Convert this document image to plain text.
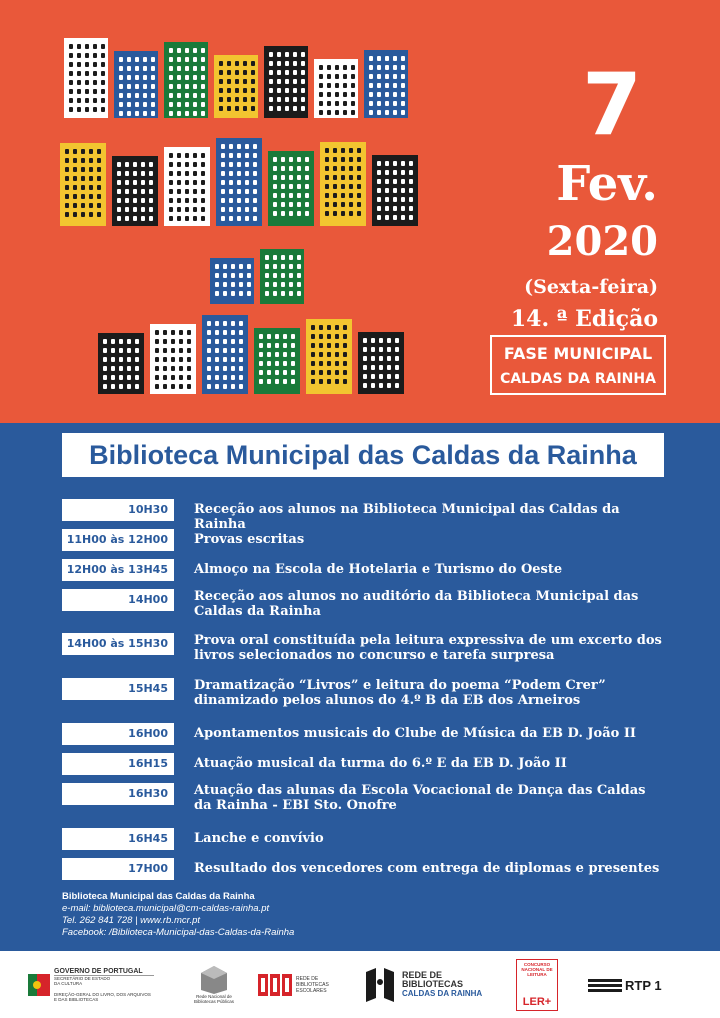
7
Fev.
2020
(Sexta-feira)
14. ª Edição
FASE MUNICIPAL
CALDAS DA RAINHA
Biblioteca Municipal das Caldas da Rainha
10H30	Receção aos alunos na Biblioteca Municipal das Caldas da Rainha
11H00 às 12H00	Provas escritas
12H00 às 13H45	Almoço na Escola de Hotelaria e Turismo do Oeste
14H00	Receção aos alunos no auditório da Biblioteca Municipal das Caldas da Rainha
14H00 às 15H30	Prova oral constituída pela leitura expressiva de um excerto dos livros selecionados no concurso e tarefa surpresa
15H45	Dramatização “Livros” e leitura do poema “Podem Crer” dinamizado pelos alunos do 4.º B da EB dos Arneiros
16H00	Apontamentos musicais do Clube de Música da EB D. João II
16H15	Atuação musical da turma do 6.º E da EB D. João II
16H30	Atuação das alunas da Escola Vocacional de Dança das Caldas da Rainha - EBI Sto. Onofre
16H45	Lanche e convívio
17H00	Resultado dos vencedores com entrega de diplomas e presentes
Biblioteca Municipal das Caldas da Rainha
e-mail: biblioteca.municipal@cm-caldas-rainha.pt
Tel. 262 841 728 | www.rb.mcr.pt
Facebook: /Biblioteca-Municipal-das-Caldas-da-Rainha
GOVERNO DE PORTUGAL
SECRETÁRIO DE ESTADO DA CULTURA
DIREÇÃO-GERAL DO LIVRO, DOS ARQUIVOS E DAS BIBLIOTECAS
Rede Nacional de Bibliotecas Públicas
REDE DE BIBLIOTECAS ESCOLARES
REDE DE
BIBLIOTECAS
CALDAS DA RAINHA
CONCURSO NACIONAL DE LEITURA
LER+
RTP 1
